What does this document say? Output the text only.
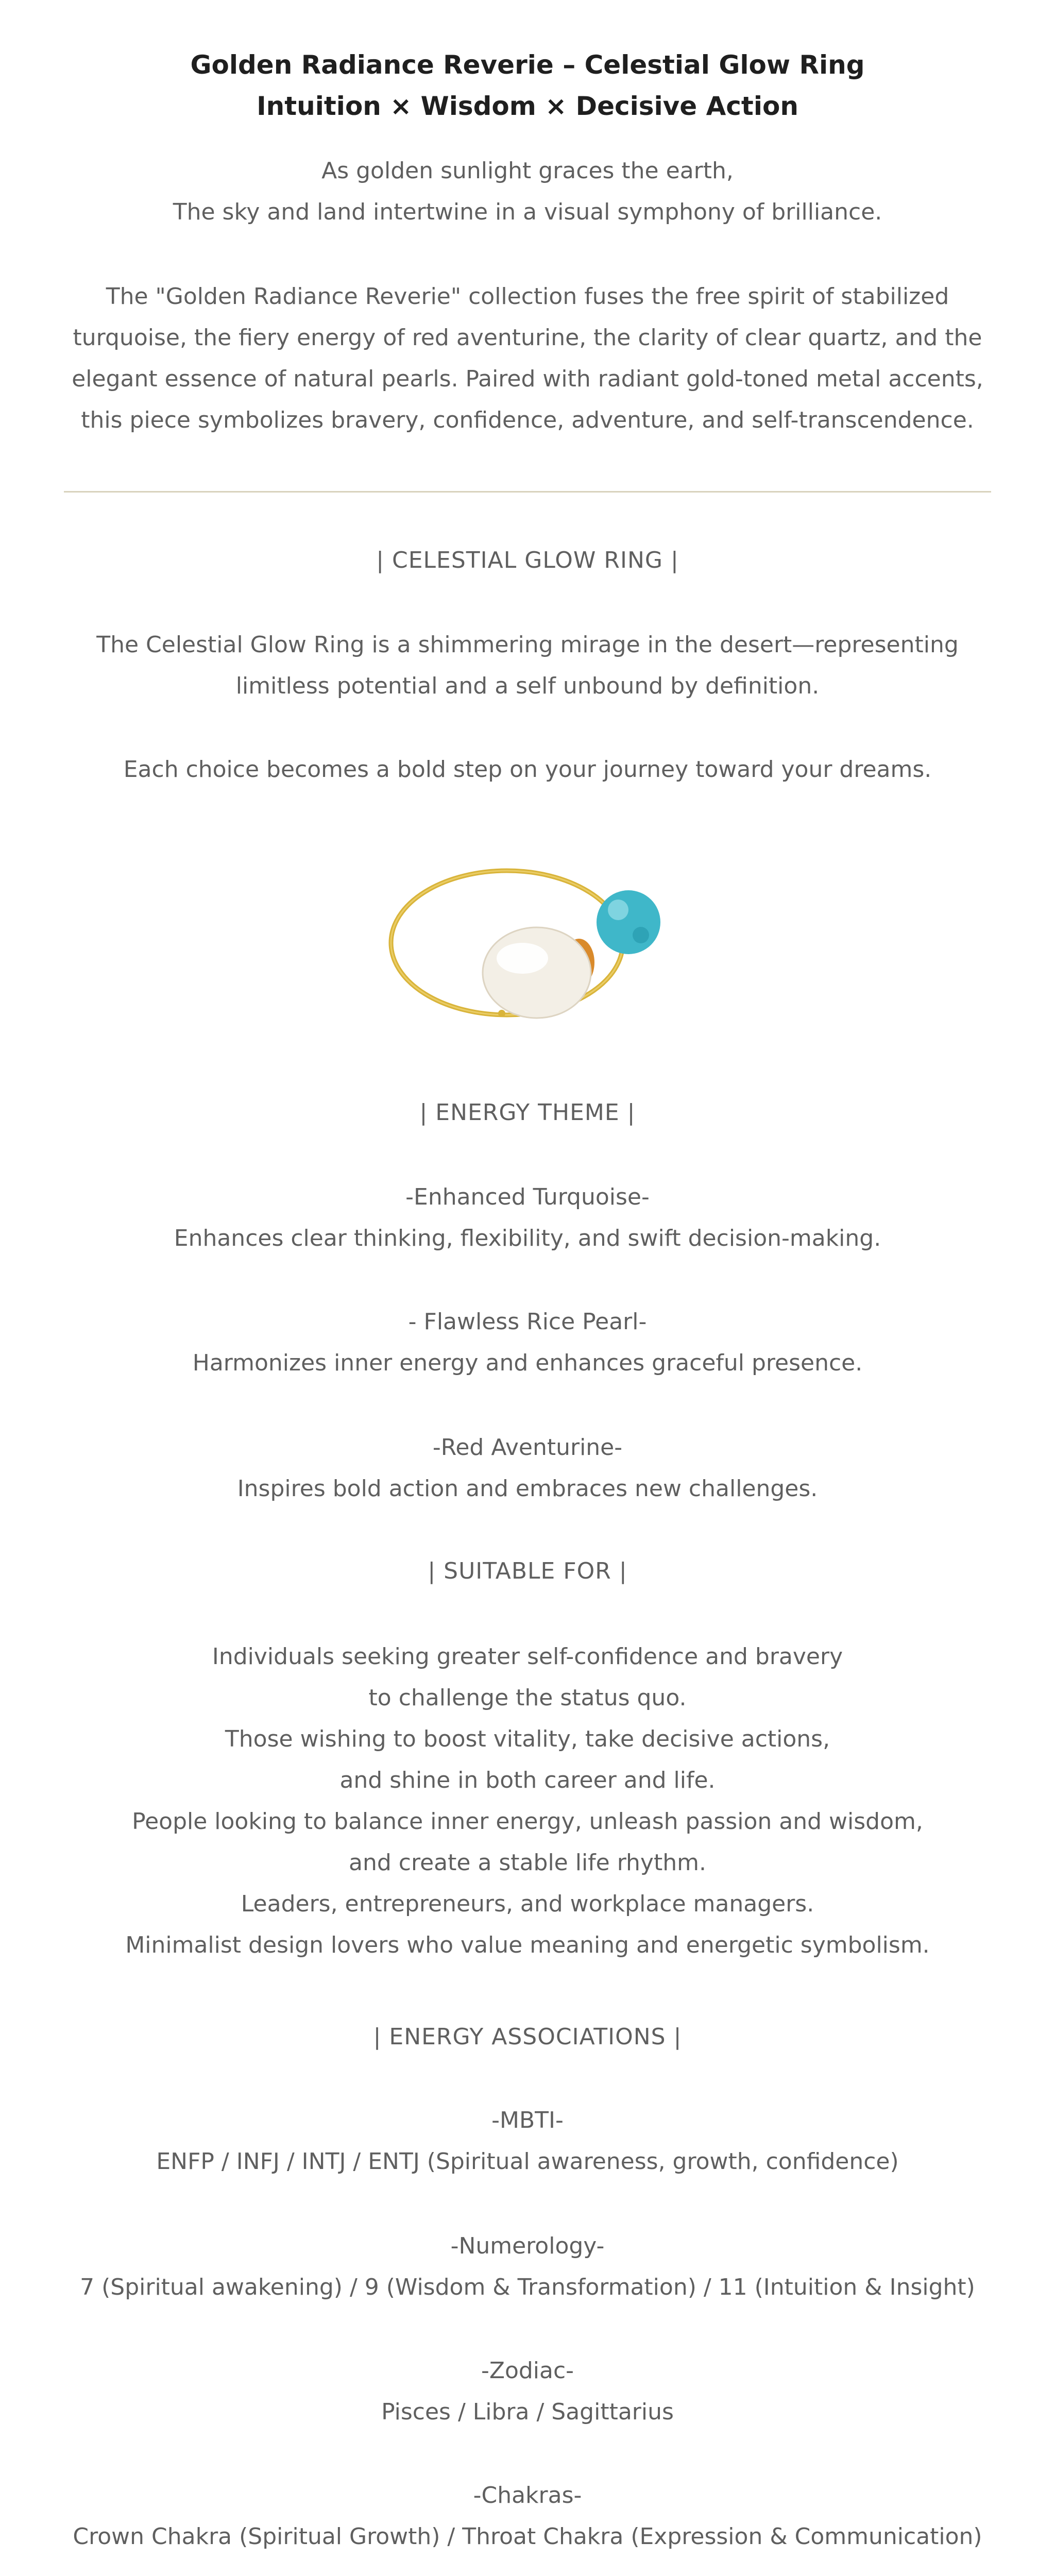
Golden Radiance Reverie – Celestial Glow Ring
Intuition × Wisdom × Decisive Action
As golden sunlight graces the earth,
The sky and land intertwine in a visual symphony of brilliance.
The "Golden Radiance Reverie" collection fuses the free spirit of stabilized
turquoise, the fiery energy of red aventurine, the clarity of clear quartz, and the
elegant essence of natural pearls. Paired with radiant gold-toned metal accents,
this piece symbolizes bravery, confidence, adventure, and self-transcendence.
| CELESTIAL GLOW RING |
The Celestial Glow Ring is a shimmering mirage in the desert—representing
limitless potential and a self unbound by definition.
Each choice becomes a bold step on your journey toward your dreams.
| ENERGY THEME |
-Enhanced Turquoise-
Enhances clear thinking, flexibility, and swift decision-making.
- Flawless Rice Pearl-
Harmonizes inner energy and enhances graceful presence.
-Red Aventurine-
Inspires bold action and embraces new challenges.
| SUITABLE FOR |
Individuals seeking greater self-confidence and bravery
to challenge the status quo.
Those wishing to boost vitality, take decisive actions,
and shine in both career and life.
People looking to balance inner energy, unleash passion and wisdom,
and create a stable life rhythm.
Leaders, entrepreneurs, and workplace managers.
Minimalist design lovers who value meaning and energetic symbolism.
| ENERGY ASSOCIATIONS |
-MBTI-
ENFP / INFJ / INTJ / ENTJ (Spiritual awareness, growth, confidence)
-Numerology-
7 (Spiritual awakening) / 9 (Wisdom & Transformation) / 11 (Intuition & Insight)
-Zodiac-
Pisces / Libra / Sagittarius
-Chakras-
Crown Chakra (Spiritual Growth) / Throat Chakra (Expression & Communication)
